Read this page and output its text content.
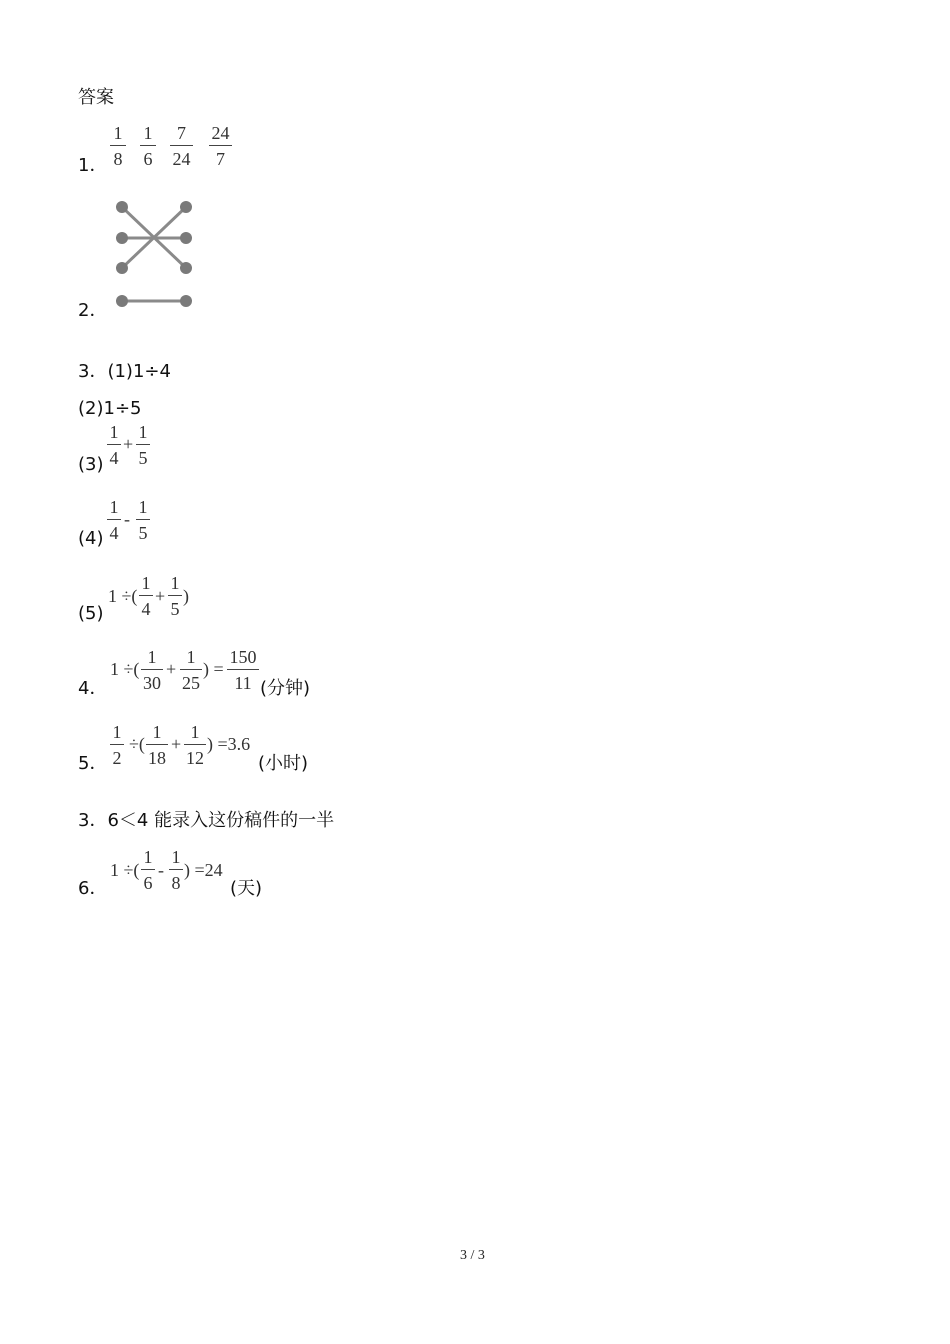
答案
1．
1
8
1
6
7
24
24
7
2．
3．(1)1÷4
(2)1÷5
(3)
1
4
+
1
5
(4)
1
4
-
1
5
(5)
1 ÷(
1
4
+
1
5
)
4．
1 ÷(
1
30
+
1
25
) =
150
11 (分钟)
5．
1
2
÷(
1
18
+
1
12
) =3.6
(小时)
3．6＜4 能录入这份稿件的一半
6．
1 ÷(
1
6
-
1
8
) =24
(天)
3 / 3
